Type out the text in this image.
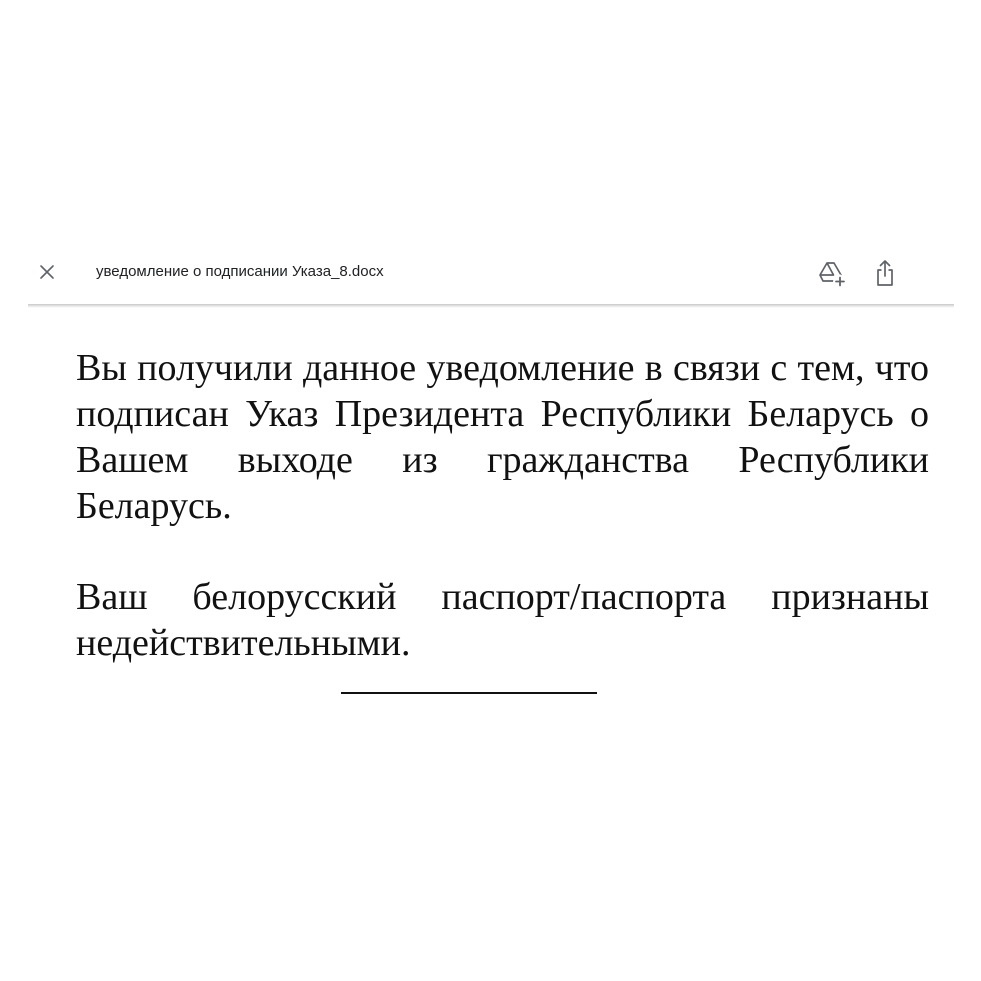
уведомление о подписании Указа_8.docx

Вы получили данное уведомление в связи с тем, что подписан Указ Президента Республики Беларусь о Вашем выходе из гражданства Республики Беларусь.

Ваш белорусский паспорт/паспорта признаны недействительными.
